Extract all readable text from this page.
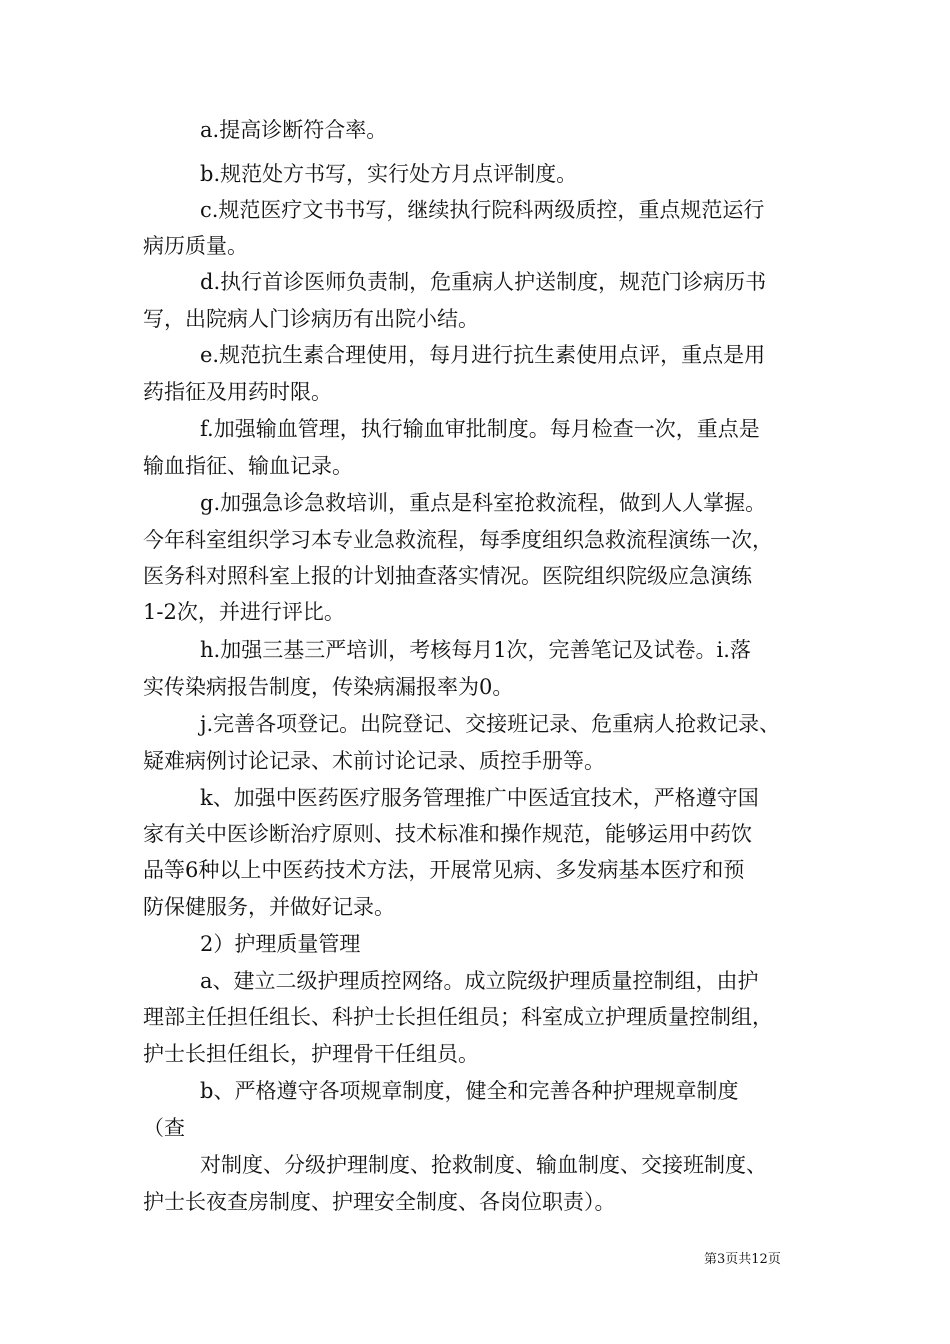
a.提高诊断符合率。

b.规范处方书写，实行处方月点评制度。

c.规范医疗文书书写，继续执行院科两级质控，重点规范运行

病历质量。

d.执行首诊医师负责制，危重病人护送制度，规范门诊病历书

写，出院病人门诊病历有出院小结。

e.规范抗生素合理使用，每月进行抗生素使用点评，重点是用

药指征及用药时限。

f.加强输血管理，执行输血审批制度。每月检查一次，重点是

输血指征、输血记录。

g.加强急诊急救培训，重点是科室抢救流程，做到人人掌握。

今年科室组织学习本专业急救流程，每季度组织急救流程演练一次，

医务科对照科室上报的计划抽查落实情况。医院组织院级应急演练

1-2次，并进行评比。

h.加强三基三严培训，考核每月1次，完善笔记及试卷。i.落

实传染病报告制度，传染病漏报率为0。

j.完善各项登记。出院登记、交接班记录、危重病人抢救记录、

疑难病例讨论记录、术前讨论记录、质控手册等。

k、加强中医药医疗服务管理推广中医适宜技术，严格遵守国

家有关中医诊断治疗原则、技术标准和操作规范，能够运用中药饮

品等6种以上中医药技术方法，开展常见病、多发病基本医疗和预

防保健服务，并做好记录。

2）护理质量管理

a、建立二级护理质控网络。成立院级护理质量控制组，由护

理部主任担任组长、科护士长担任组员；科室成立护理质量控制组，

护士长担任组长，护理骨干任组员。

b、严格遵守各项规章制度，健全和完善各种护理规章制度

（查

对制度、分级护理制度、抢救制度、输血制度、交接班制度、

护士长夜查房制度、护理安全制度、各岗位职责）。

第3页共12页
